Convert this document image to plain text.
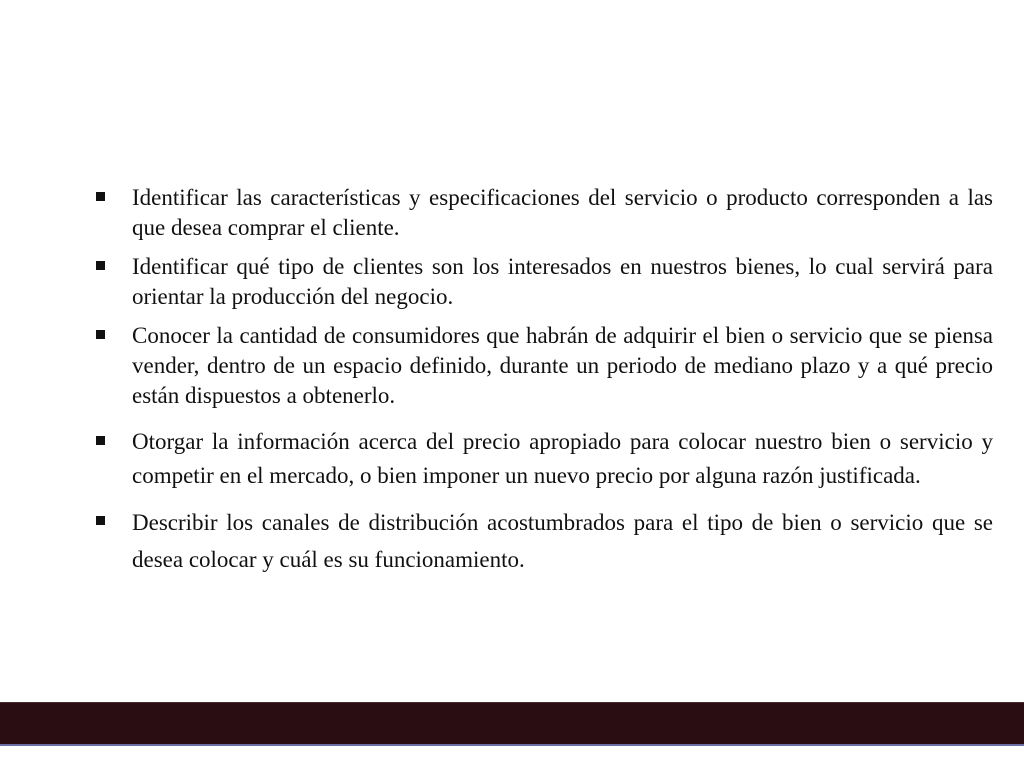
Identificar las características y especificaciones del servicio o producto corresponden a las que desea comprar el cliente.
Identificar qué tipo de clientes son los interesados en nuestros bienes, lo cual servirá para orientar la producción del negocio.
Conocer la cantidad de consumidores que habrán de adquirir el bien o servicio que se piensa vender, dentro de un espacio definido, durante un periodo de mediano plazo y a qué precio están dispuestos a obtenerlo.
Otorgar la información acerca del precio apropiado para colocar nuestro bien o servicio y competir en el mercado, o bien imponer un nuevo precio por alguna razón justificada.
Describir los canales de distribución acostumbrados para el tipo de bien o servicio que se desea colocar y cuál es su funcionamiento.
